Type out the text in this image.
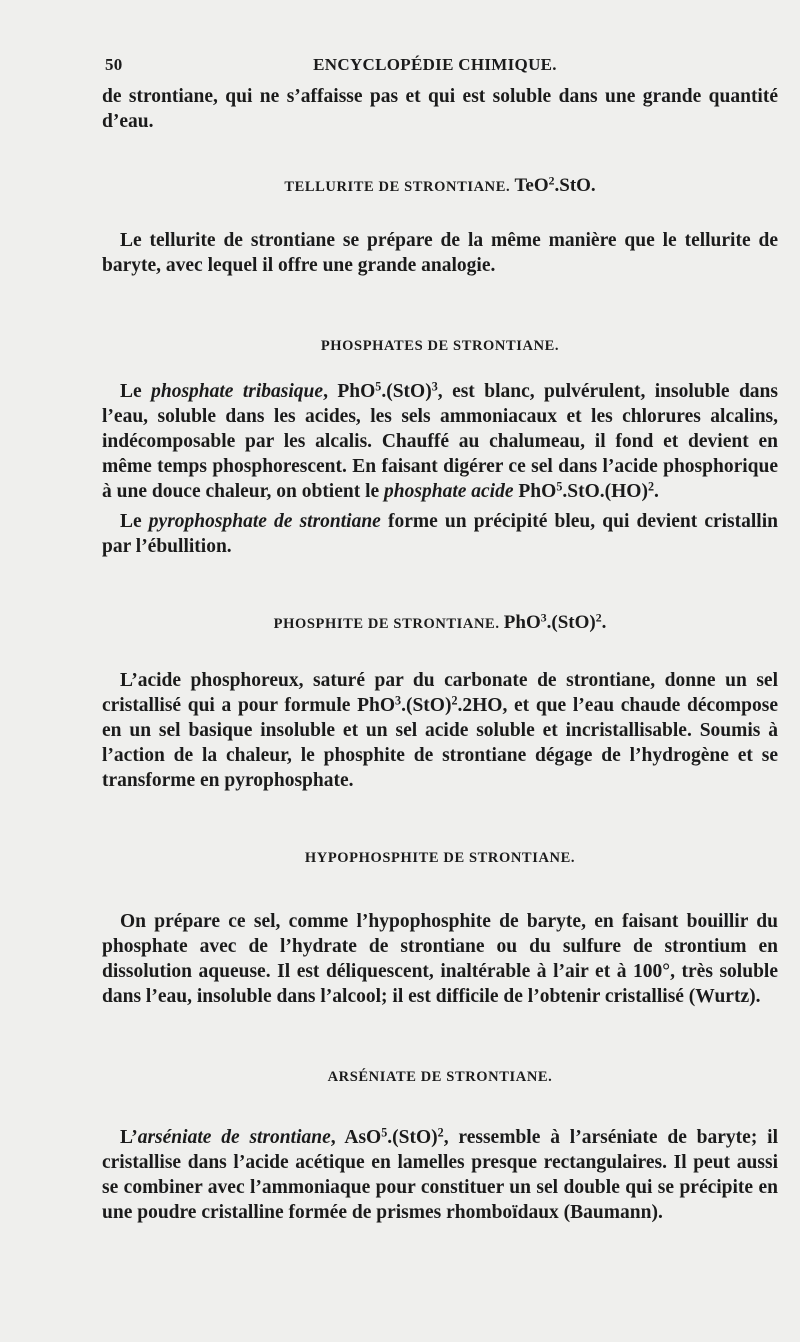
50	ENCYCLOPÉDIE CHIMIQUE.
de strontiane, qui ne s’affaisse pas et qui est soluble dans une grande quantité d’eau.
TELLURITE DE STRONTIANE. TeO$^2$.StO.
Le tellurite de strontiane se prépare de la même manière que le tellurite de baryte, avec lequel il offre une grande analogie.
PHOSPHATES DE STRONTIANE.
Le phosphate tribasique, PhO$^5$.(StO)$^3$, est blanc, pulvérulent, insoluble dans l’eau, soluble dans les acides, les sels ammoniacaux et les chlorures alcalins, indécomposable par les alcalis. Chauffé au chalumeau, il fond et devient en même temps phosphorescent. En faisant digérer ce sel dans l’acide phosphorique à une douce chaleur, on obtient le phosphate acide PhO$^5$.StO.(HO)$^2$.
Le pyrophosphate de strontiane forme un précipité bleu, qui devient cristallin par l’ébullition.
PHOSPHITE DE STRONTIANE. PhO$^3$.(StO)$^2$.
L’acide phosphoreux, saturé par du carbonate de strontiane, donne un sel cristallisé qui a pour formule PhO$^3$.(StO)$^2$.2HO, et que l’eau chaude décompose en un sel basique insoluble et un sel acide soluble et incristallisable. Soumis à l’action de la chaleur, le phosphite de strontiane dégage de l’hydrogène et se transforme en pyrophosphate.
HYPOPHOSPHITE DE STRONTIANE.
On prépare ce sel, comme l’hypophosphite de baryte, en faisant bouillir du phosphate avec de l’hydrate de strontiane ou du sulfure de strontium en dissolution aqueuse. Il est déliquescent, inaltérable à l’air et à 100°, très soluble dans l’eau, insoluble dans l’alcool; il est difficile de l’obtenir cristallisé (Wurtz).
ARSÉNIATE DE STRONTIANE.
L’arséniate de strontiane, AsO$^5$.(StO)$^2$, ressemble à l’arséniate de baryte; il cristallise dans l’acide acétique en lamelles presque rectangulaires. Il peut aussi se combiner avec l’ammoniaque pour constituer un sel double qui se précipite en une poudre cristalline formée de prismes rhomboïdaux (Baumann).
